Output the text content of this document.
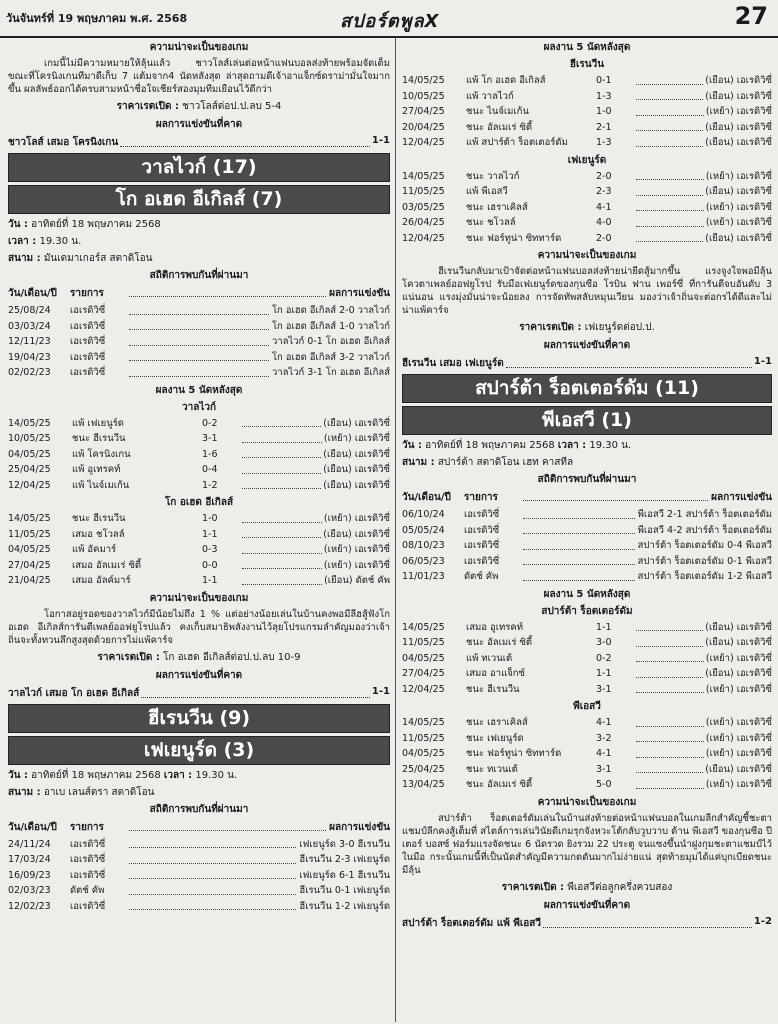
วันจันทร์ที่ 19 พฤษภาคม พ.ศ. 2568	สปอร์ตพูลX	27
ความน่าจะเป็นของเกม
เกมนี้ไม่มีความหมายให้ลุ้นแล้ว ชาวโลส์เล่นต่อหน้าแฟนบอลส่งท้ายพร้อมจัดเต็ม ขณะที่โครนิงเกนทีมาดีเก็บ 7 แต้มจาก4 นัดหลังสุด ล่าสุดถามดีเจ้าอาแจ็กซ์ดราม่ามั่นใจมากขึ้น ผลลัพธ์ออกได้ครบสามหน้าชื่อใจเชียร์สองมุมทีมเยือนไว้ดีกว่า
ราคาเรตเปิด : ชาวโลส์ต่อป.ป.ลบ 5-4
ผลการแข่งขันที่คาด
ชาวโลส์ เสมอ โครนิงเกน	1-1
วาลไวก์ (17)
โก อเฮด อีเกิลส์ (7)
วัน : อาทิตย์ที่ 18 พฤษภาคม 2568
เวลา : 19.30 น.
สนาม : มันเดมาเกอร์ส สตาดิโอน
สถิติการพบกันที่ผ่านมา
วัน/เดือน/ปี	รายการ	ผลการแข่งขัน
25/08/24	เอเรดิวิซี่	โก อเฮด อีเกิลส์ 2-0 วาลไวก์
03/03/24	เอเรดิวิซี่	โก อเฮด อีเกิลส์ 1-0 วาลไวก์
12/11/23	เอเรดิวิซี่	วาลไวก์ 0-1 โก อเฮด อีเกิลส์
19/04/23	เอเรดิวิซี่	โก อเฮด อีเกิลส์ 3-2 วาลไวก์
02/02/23	เอเรดิวิซี่	วาลไวก์ 3-1 โก อเฮด อีเกิลส์
ผลงาน 5 นัดหลังสุด
วาลไวก์
14/05/25	แพ้ เฟเยนูร์ด	0-2	(เยือน) เอเรดิวิซี่
10/05/25	ชนะ ฮีเรนวีน	3-1	(เหย้า) เอเรดิวิซี่
04/05/25	แพ้ โครนิงเกน	1-6	(เยือน) เอเรดิวิซี่
25/04/25	แพ้ อูเทรคท์	0-4	(เยือน) เอเรดิวิซี่
12/04/25	แพ้ ไนจ์เมเก้น	1-2	(เยือน) เอเรดิวิซี่
โก อเฮด อีเกิลส์
14/05/25	ชนะ ฮีเรนวีน	1-0	(เหย้า) เอเรดิวิซี่
11/05/25	เสมอ ชโวลล์	1-1	(เยือน) เอเรดิวิซี่
04/05/25	แพ้ อัคมาร์	0-3	(เหย้า) เอเรดิวิซี่
27/04/25	เสมอ อัลเมเร่ ซิตี้	0-0	(เหย้า) เอเรดิวิซี่
21/04/25	เสมอ อัลค์มาร์	1-1	(เยือน) ดัตช์ คัพ
ความน่าจะเป็นของเกม
โอกาสอยู่รอดของวาลไวก์มีน้อยไม่ถึง 1 % แต่อย่างน้อยเล่นในบ้านคงพอมีลีฮสู้ฟังโก อเฮด อีเกิลส์การันตีเพลย์ออฟยูโรปแล้ว คงเก็บสมาธิพลังงานไว้ลุยโปรแกรมลำคัญมองว่าเจ้าถิ่นจะทั้งทวนลึกสูงสุดด้วยการไม่แพ้คาร์จ
ราคาเรตเปิด : โก อเฮด อีเกิลส์ต่อป.ป.ลบ 10-9
ผลการแข่งขันที่คาด
วาลไวก์ เสมอ โก อเฮด อีเกิลส์	1-1
ฮีเรนวีน (9)
เฟเยนูร์ด (3)
วัน : อาทิตย์ที่ 18 พฤษภาคม 2568 เวลา : 19.30 น.
สนาม : อาเบ เลนส์ตรา สตาดิโอน
สถิติการพบกันที่ผ่านมา
วัน/เดือน/ปี	รายการ	ผลการแข่งขัน
24/11/24	เอเรดิวิซี่	เฟเยนูร์ด 3-0 ฮีเรนวีน
17/03/24	เอเรดิวิซี่	ฮีเรนวีน 2-3 เฟเยนูร์ด
16/09/23	เอเรดิวิซี่	เฟเยนูร์ด 6-1 ฮีเรนวีน
02/03/23	ดัตช์ คัพ	ฮีเรนวีน 0-1 เฟเยนูร์ด
12/02/23	เอเรดิวิซี่	ฮีเรนวีน 1-2 เฟเยนูร์ด
ผลงาน 5 นัดหลังสุด
ฮีเรนวีน
14/05/25	แพ้ โก อเฮด อีเกิลส์	0-1	(เยือน) เอเรดิวิซี่
10/05/25	แพ้ วาลไวก์	1-3	(เยือน) เอเรดิวิซี่
27/04/25	ชนะ ไนจ์เมเก้น	1-0	(เหย้า) เอเรดิวิซี่
20/04/25	ชนะ อัลเมเร่ ซิตี้	2-1	(เยือน) เอเรดิวิซี่
12/04/25	แพ้ สปาร์ต้า ร็อตเตอร์ดัม	1-3	(เยือน) เอเรดิวิซี่
เฟเยนูร์ด
14/05/25	ชนะ วาลไวก์	2-0	(เหย้า) เอเรดิวิซี่
11/05/25	แพ้ พีเอสวี	2-3	(เยือน) เอเรดิวิซี่
03/05/25	ชนะ เฮราเคิลส์	4-1	(เหย้า) เอเรดิวิซี่
26/04/25	ชนะ ชโวลล์	4-0	(เหย้า) เอเรดิวิซี่
12/04/25	ชนะ ฟอร์ทูน่า ซิททาร์ด	2-0	(เยือน) เอเรดิวิซี่
ความน่าจะเป็นของเกม
ฮีเรนวีนกลับมาเป้าจัดต่อหน้าแฟนบอลส่งท้ายน่ายีดสู้มากขึ้น แรงจูงใจพอมีลุ้นโควตาเพลย์ออฟยูโรป รับมือเฟเยนูร์ดของกุนซือ โรบิน ฟาน เพอร์ซี่ ที่การันตีจบอันดับ 3 แน่นอน แรงมุ่งมั่นน่าจะน้อยลง การจัดทัพสลับหมุนเวียน มองว่าเจ้าถิ่นจะต่อกรได้ดีและไม่น่าแพ้คาร์จ
ราคาเรตเปิด : เฟเยนูร์ดต่อป.ป.
ผลการแข่งขันที่คาด
ฮีเรนวีน เสมอ เฟเยนูร์ด	1-1
สปาร์ต้า ร็อตเตอร์ดัม (11)
พีเอสวี (1)
วัน : อาทิตย์ที่ 18 พฤษภาคม 2568 เวลา : 19.30 น.
สนาม : สปาร์ต้า สตาดิโอน เฮท คาสทีล
สถิติการพบกันที่ผ่านมา
วัน/เดือน/ปี	รายการ	ผลการแข่งขัน
06/10/24	เอเรดิวิซี่	พีเอสวี 2-1 สปาร์ต้า ร็อตเตอร์ดัม
05/05/24	เอเรดิวิซี่	พีเอสวี 4-2 สปาร์ต้า ร็อตเตอร์ดัม
08/10/23	เอเรดิวิซี่	สปาร์ต้า ร็อตเตอร์ดัม 0-4 พีเอสวี
06/05/23	เอเรดิวิซี่	สปาร์ต้า ร็อตเตอร์ดัม 0-1 พีเอสวี
11/01/23	ดัตช์ คัพ	สปาร์ต้า ร็อตเตอร์ดัม 1-2 พีเอสวี
ผลงาน 5 นัดหลังสุด
สปาร์ต้า ร็อตเตอร์ดัม
14/05/25	เสมอ อูเทรคท์	1-1	(เยือน) เอเรดิวิซี่
11/05/25	ชนะ อัลเมเร่ ซิตี้	3-0	(เยือน) เอเรดิวิซี่
04/05/25	แพ้ ทเวนเต้	0-2	(เหย้า) เอเรดิวิซี่
27/04/25	เสมอ อาแจ็กซ์	1-1	(เยือน) เอเรดิวิซี่
12/04/25	ชนะ ฮีเรนวีน	3-1	(เหย้า) เอเรดิวิซี่
พีเอสวี
14/05/25	ชนะ เฮราเคิลส์	4-1	(เหย้า) เอเรดิวิซี่
11/05/25	ชนะ เฟเยนูร์ด	3-2	(เหย้า) เอเรดิวิซี่
04/05/25	ชนะ ฟอร์ทูน่า ซิททาร์ด	4-1	(เหย้า) เอเรดิวิซี่
25/04/25	ชนะ ทเวนเต้	3-1	(เยือน) เอเรดิวิซี่
13/04/25	ชนะ อัลเมเร่ ซิตี้	5-0	(เหย้า) เอเรดิวิซี่
ความน่าจะเป็นของเกม
สปาร์ต้า ร็อตเตอร์ดัมเล่นในบ้านส่งท้ายต่อหน้าแฟนบอลในเกมลีกสำคัญชี้ชะตาแชมป์ลีกคงสู้เต็มที่ สไตล์การเล่นวินัยดีเกมรุกจังหวะโต้กลับวูบวาบ ด้าน พีเอสวี ของกุนซือ ปีเตอร์ บอสซ์ ฟอร์มแรงจัดชนะ 6 นัดรวด ยิงรวม 22 ประตู จนแซงขึ้นนำฝูงกุมชะตาแชมป์ไว้ในมือ กระนั้นเกมนี้ที่เป็นนัดสำคัญมีความกดดันมากไม่ง่ายแน่ สุดท้ายมุมได้แค่บุกเบียดชนะมีลุ้น
ราคาเรตเปิด : พีเอสวีต่อลูกครึ่งควบสอง
ผลการแข่งขันที่คาด
สปาร์ต้า ร็อตเตอร์ดัม แพ้ พีเอสวี	1-2
